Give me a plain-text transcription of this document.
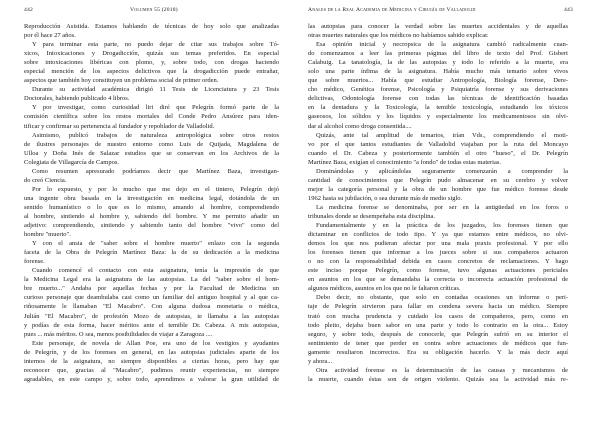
442	Volumen 55 (2018)
Reproducción Asistida. Estamos hablando de técnicas de hoy solo que analizadas
por él hace 27 años.
Y para terminar esta parte, no puedo dejar de citar sus trabajos sobre Tó-
xicos, Intoxicaciones y Drogadicción, quizás sus temas preferidos. En especial
sobre intoxicaciones libéricas con plomo, y, sobre todo, con drogas haciendo
especial mención de los aspectos delictivos que la drogadicción puede entrañar,
aspectos que también hoy constituyen un problema social de primer orden.
Durante su actividad académica dirigió 11 Tesis de Licenciatura y 23 Tesis
Doctorales, habiendo publicado 4 libros.
Y por investigar, como curiosidad liri diré que Pelegrín formó parte de la
comisión científica sobre los restos mortales del Conde Pedro Ansúrez para iden-
tificar y confirmar su pertenencia al fundador y repoblador de Valladolid.
Asimismo, publicó trabajos de naturaleza antropológica sobre otros restos
de ilustres personajes de nuestro entorno como Luis de Quijada, Magdalena de
Ulloa y Doña Inés de Salazar estudios que se conservan en los Archivos de la
Colegiata de Villagarcía de Campos.
Como resumen apresurado podríamos decir que Martínez Baza, investigan-
do creó Ciencia.
Por lo expuesto, y por lo mucho que me dejo en el tintero, Pelegrín dejó
una ingente obra basada en la investigación en medicina legal, dotándola de un
sentido humanístico o lo que es lo mismo, amando al hombre, comprendiendo
al hombre, sintiendo al hombre y, sabiendo del hombre. Y me permito añadir un
adjetivo: comprendiendo, sintiendo y sabiendo tanto del hombre "vivo" como del
hombre "muerto".
Y con el ansia de "saber sobre el hombre muerto" enlazo con la segunda
faceta de la Obra de Pelegrín Martínez Baza: la de su dedicación a la medicina
forense.
Cuando comencé el contacto con esta asignatura, tenía la impresión de que
la Medicina Legal era la asignatura de las autopsias. La del "saber sobre el hom-
bre muerto..." Andaba por aquellas fechas y por la Facultad de Medicina un
curioso personaje que deambulaba casi como un familiar del antiguo hospital y al que ca-
riñosamente le llamaban "El Macabro". Con alguna dudosa monetaria o médica,
Julián "El Macabro", de profesión Mozo de autopsias, te llamaba a las autopsias
y podías de esta forma, hacer méritos ante el temible Dr. Cabeza. A mis autopsias,
pues ... más méritos. O sea, menos posibilidades de viajar a Zaragoza ....
Este personaje, de novela de Allan Poe, era uno de los vestigios y ayudantes
de Pelegrín, y de los forenses en general, en las autopsias judiciales aparte de los
internos de la asignatura, no siempre disponibles a ciertas horas, pero hay que
reconocer que, gracias al "Macabro", pudimos reunir experiencias, no siempre
agradables, en este campo y, sobre todo, aprendimos a valorar la gran utilidad de
Anales de la Real Academia de Medicina y Cirugía de Valladolid	443
las autopsias para conocer la verdad sobre las muertes accidentales y de aquellas
otras muertes naturales que los médicos no habíamos sabido explicar.
Esa opinión inicial y necropsica de la asignatura cambió radicalmente cuan-
do comenzamos a leer las primeras páginas del libro de texto del Prof. Gisbert
Calabuig. La tanatología, la de las autopsias y todo lo referido a la muerte, era
solo una parte ínfima de la asignatura. Había mucho más temario sobre vivos
que sobre muertos... Había que estudiar Antropología, Biología forense, Dere-
cho médico, Genética forense, Psicología y Psiquiatría forense y sus derivaciones
delictivas, Odontología forense con todas las técnicas de identificación basadas
en la dentadura y la Toxicología, la temible toxicología, estudiando los tóxicos
gaseosos, los sólidos y los líquidos y especialmente los medicamentosos sin olvi-
dar al alcohol como droga consentida....
Quizás, ante tal amplitud de temarios, irían Vds., comprendiendo el moti-
vo por el que tantos estudiantes de Valladolid viajaban por la ruta del Moncayo
cuando el Dr. Cabeza y posteriormente también el otro "hueso", el Dr. Pelegrín
Martínez Baza, exigían el conocimiento "a fondo" de todas estas materias.
Dominándolas y aplicándolas seguramente comenzarán a comprender la
cantidad de conocimientos que Pelegrín pudo almacenar en su cerebro y volver
mejor la categoría personal y la obra de un hombre que fue médico forense desde
1962 hasta su jubilación, o sea durante más de medio siglo.
La medicina forense se denominaba, por ser en la antigüedad en los foros o
tribunales donde se desempeñaba esta disciplina.
Fundamentalmente y en la práctica de los juzgados, los forenses tienen que
dictaminar en conflictos de todo tipo. Y ya que estamos entre médicos, no olvi-
demos los que nos pudieran afectar por una mala praxis profesional. Y por ello
los forenses tienen que informar a los jueces sobre si sus compañeros actuaron
o no con la responsabilidad debida en casos concretos de reclamaciones. Y hago
este inciso porque Pelegrín, como forense, tuvo algunas actuaciones periciales
en asuntos en los que se demandaba la correcta o incorrecta actuación profesional de
algunos médicos, asuntos en los que no le faltaron críticas.
Debo decir, no obstante, que solo en contadas ocasiones un informe o peri-
taje de Pelegrín sirvieron para fallar en condena severa hacia un médico. Siempre
trató con mucha prudencia y cuidado los casos de compañeros, pero, como en
todo pleito, dejaba buen sabor en una parte y todo lo contrario en la otra... Estoy
seguro, y sobre todo, después de conocerle, que Pelegrín sufrió en su interior el
sentimiento de tener que perder en contra sobre actuaciones de médicos que fun-
gamente resultaron incorrectos. Era su obligación hacerlo. Y la más decir aquí
y ahora...
Otra actividad forense es la determinación de las causas y mecanismos de
la muerte, cuando éstas son de origen violento. Quizás sea la actividad más re-
